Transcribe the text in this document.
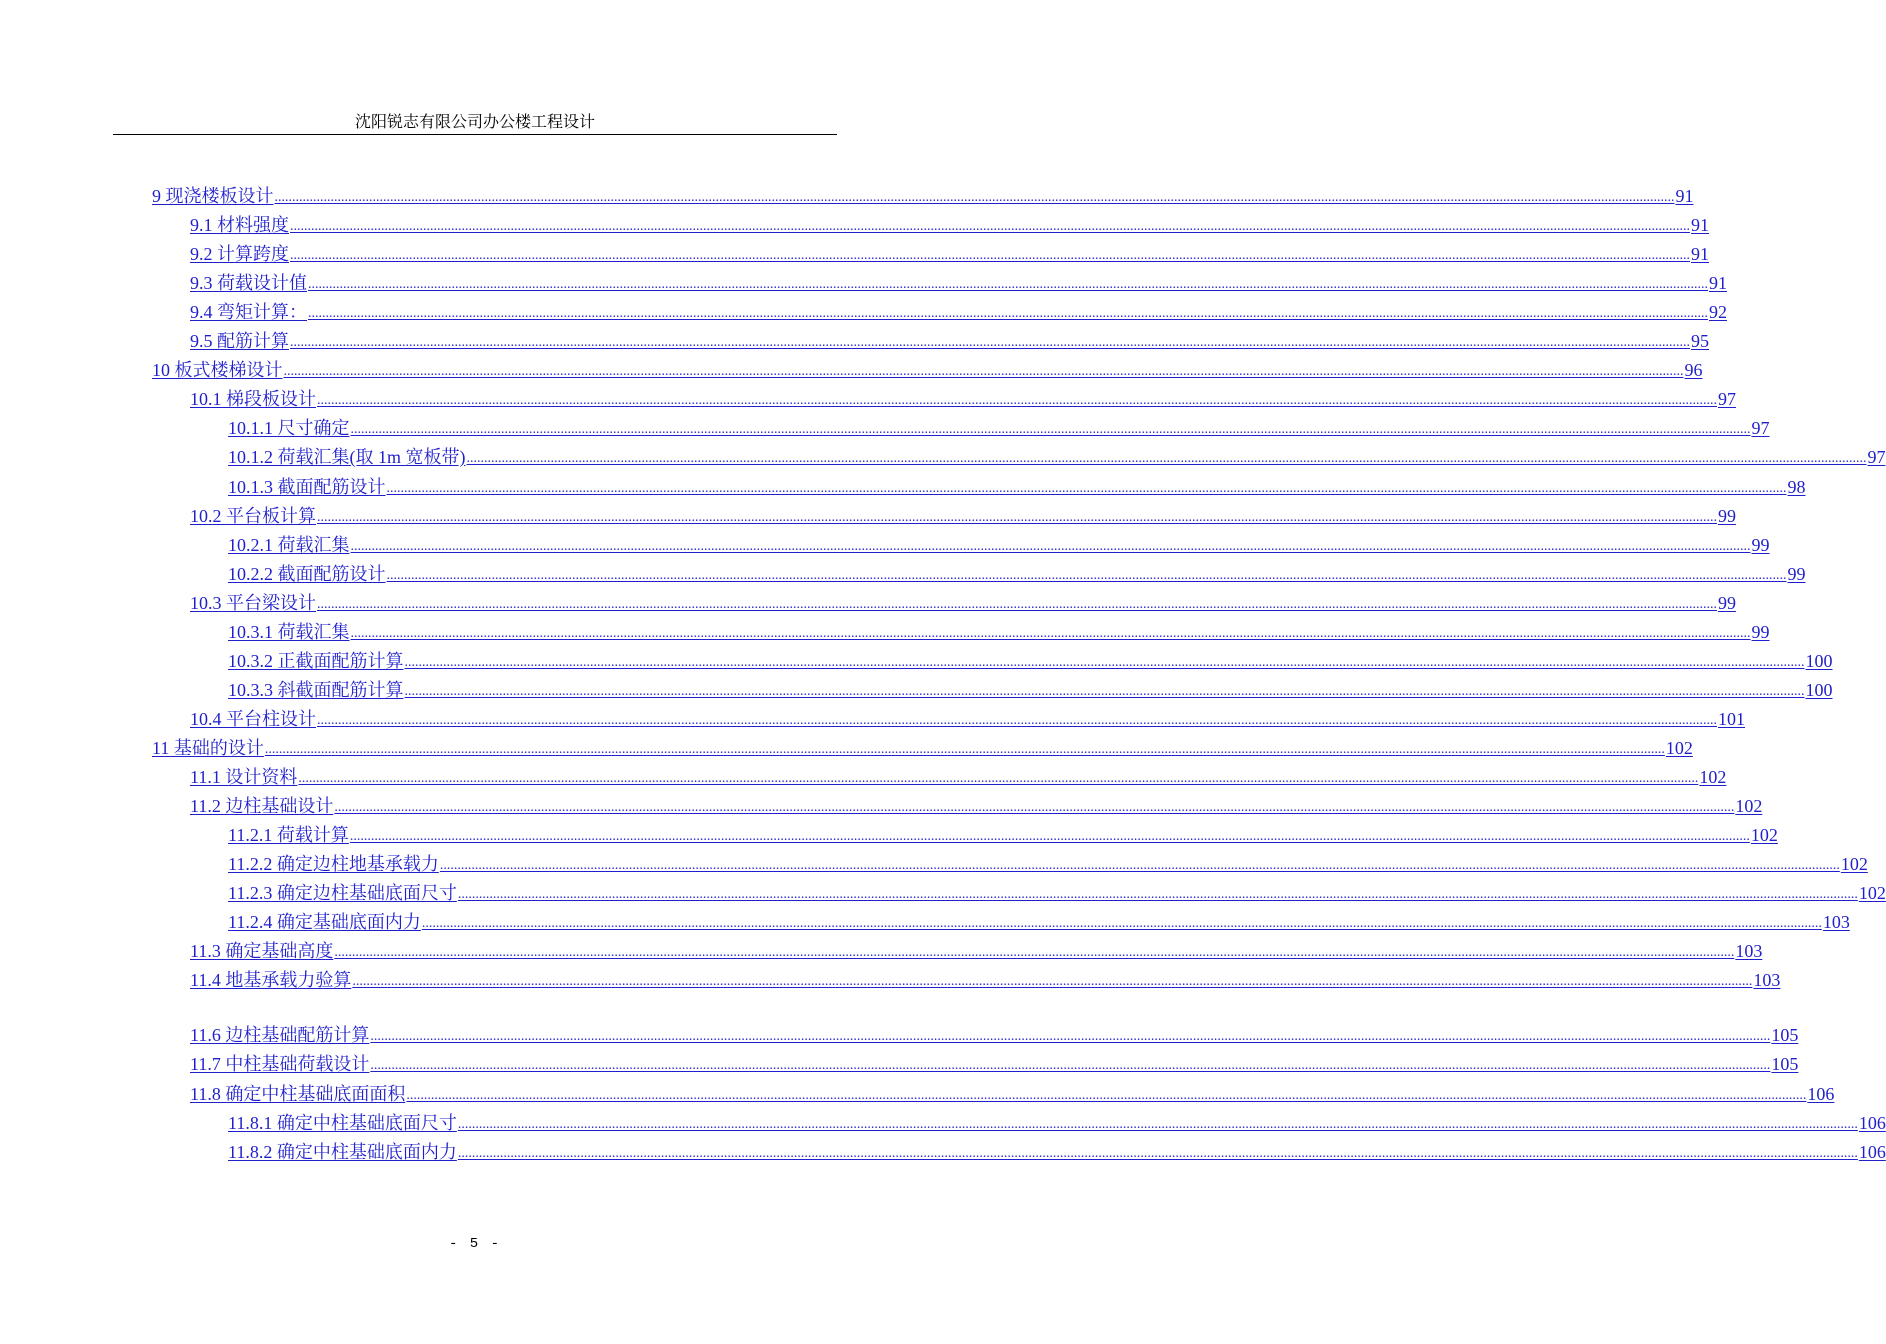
沈阳锐志有限公司办公楼工程设计
9 现浇楼板设计 ................................................................................................................................................................................................................................................................................................................................................................................................................ 91
9.1 材料强度 ................................................................................................................................................................................................................................................................................................................................................................................................................ 91
9.2 计算跨度 ................................................................................................................................................................................................................................................................................................................................................................................................................ 91
9.3 荷载设计值 ................................................................................................................................................................................................................................................................................................................................................................................................................ 91
9.4 弯矩计算： ................................................................................................................................................................................................................................................................................................................................................................................................................ 92
9.5 配筋计算 ................................................................................................................................................................................................................................................................................................................................................................................................................ 95
10 板式楼梯设计 ................................................................................................................................................................................................................................................................................................................................................................................................................ 96
10.1 梯段板设计 ................................................................................................................................................................................................................................................................................................................................................................................................................ 97
10.1.1 尺寸确定 ................................................................................................................................................................................................................................................................................................................................................................................................................ 97
10.1.2 荷载汇集(取 1m 宽板带) ................................................................................................................................................................................................................................................................................................................................................................................................................ 97
10.1.3 截面配筋设计 ................................................................................................................................................................................................................................................................................................................................................................................................................ 98
10.2 平台板计算 ................................................................................................................................................................................................................................................................................................................................................................................................................ 99
10.2.1 荷载汇集 ................................................................................................................................................................................................................................................................................................................................................................................................................ 99
10.2.2 截面配筋设计 ................................................................................................................................................................................................................................................................................................................................................................................................................ 99
10.3 平台梁设计 ................................................................................................................................................................................................................................................................................................................................................................................................................ 99
10.3.1 荷载汇集 ................................................................................................................................................................................................................................................................................................................................................................................................................ 99
10.3.2 正截面配筋计算 ................................................................................................................................................................................................................................................................................................................................................................................................................ 100
10.3.3 斜截面配筋计算 ................................................................................................................................................................................................................................................................................................................................................................................................................ 100
10.4 平台柱设计 ................................................................................................................................................................................................................................................................................................................................................................................................................ 101
11 基础的设计 ................................................................................................................................................................................................................................................................................................................................................................................................................ 102
11.1 设计资料 ................................................................................................................................................................................................................................................................................................................................................................................................................ 102
11.2 边柱基础设计 ................................................................................................................................................................................................................................................................................................................................................................................................................ 102
11.2.1 荷载计算 ................................................................................................................................................................................................................................................................................................................................................................................................................ 102
11.2.2 确定边柱地基承载力 ................................................................................................................................................................................................................................................................................................................................................................................................................ 102
11.2.3 确定边柱基础底面尺寸 ................................................................................................................................................................................................................................................................................................................................................................................................................ 102
11.2.4 确定基础底面内力 ................................................................................................................................................................................................................................................................................................................................................................................................................ 103
11.3 确定基础高度 ................................................................................................................................................................................................................................................................................................................................................................................................................ 103
11.4 地基承载力验算 ................................................................................................................................................................................................................................................................................................................................................................................................................ 103
11.6 边柱基础配筋计算 ................................................................................................................................................................................................................................................................................................................................................................................................................ 105
11.7 中柱基础荷载设计 ................................................................................................................................................................................................................................................................................................................................................................................................................ 105
11.8 确定中柱基础底面面积 ................................................................................................................................................................................................................................................................................................................................................................................................................ 106
11.8.1 确定中柱基础底面尺寸 ................................................................................................................................................................................................................................................................................................................................................................................................................ 106
11.8.2 确定中柱基础底面内力 ................................................................................................................................................................................................................................................................................................................................................................................................................ 106
- 5 -
